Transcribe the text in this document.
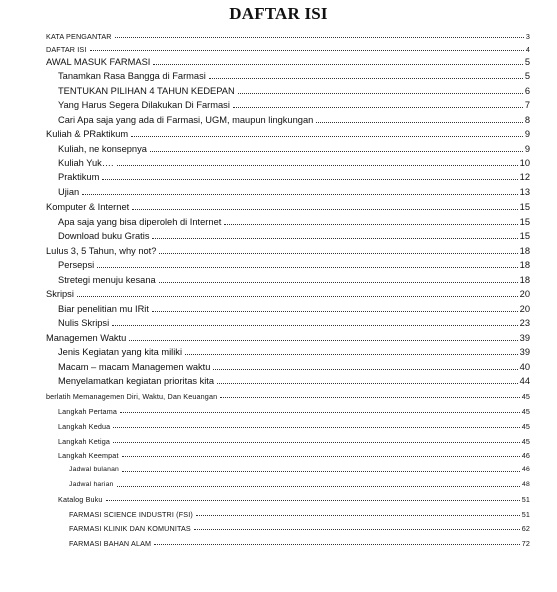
DAFTAR ISI
KATA PENGANTAR	3
DAFTAR ISI	4
AWAL MASUK FARMASI	5
Tanamkan Rasa Bangga di Farmasi	5
TENTUKAN PILIHAN 4 TAHUN KEDEPAN	6
Yang Harus Segera Dilakukan Di Farmasi	7
Cari Apa saja yang ada di Farmasi, UGM, maupun lingkungan	8
Kuliah & PRaktikum	9
Kuliah, ne konsepnya	9
Kuliah Yuk….	10
Praktikum	12
Ujian	13
Komputer & Internet	15
Apa saja yang bisa diperoleh di Internet	15
Download buku Gratis	15
Lulus 3, 5 Tahun, why not?	18
Persepsi	18
Stretegi menuju kesana	18
Skripsi	20
Biar penelitian mu IRit	20
Nulis Skripsi	23
Managemen Waktu	39
Jenis Kegiatan yang kita miliki	39
Macam – macam Managemen waktu	40
Menyelamatkan kegiatan prioritas kita	44
berlatih Memanagemen Diri, Waktu, Dan Keuangan	45
Langkah Pertama	45
Langkah Kedua	45
Langkah Ketiga	45
Langkah Keempat	46
Jadwal bulanan	46
Jadwal harian	48
Katalog Buku	51
FARMASI SCIENCE INDUSTRI (FSI)	51
FARMASI KLINIK DAN KOMUNITAS	62
FARMASI BAHAN ALAM	72
